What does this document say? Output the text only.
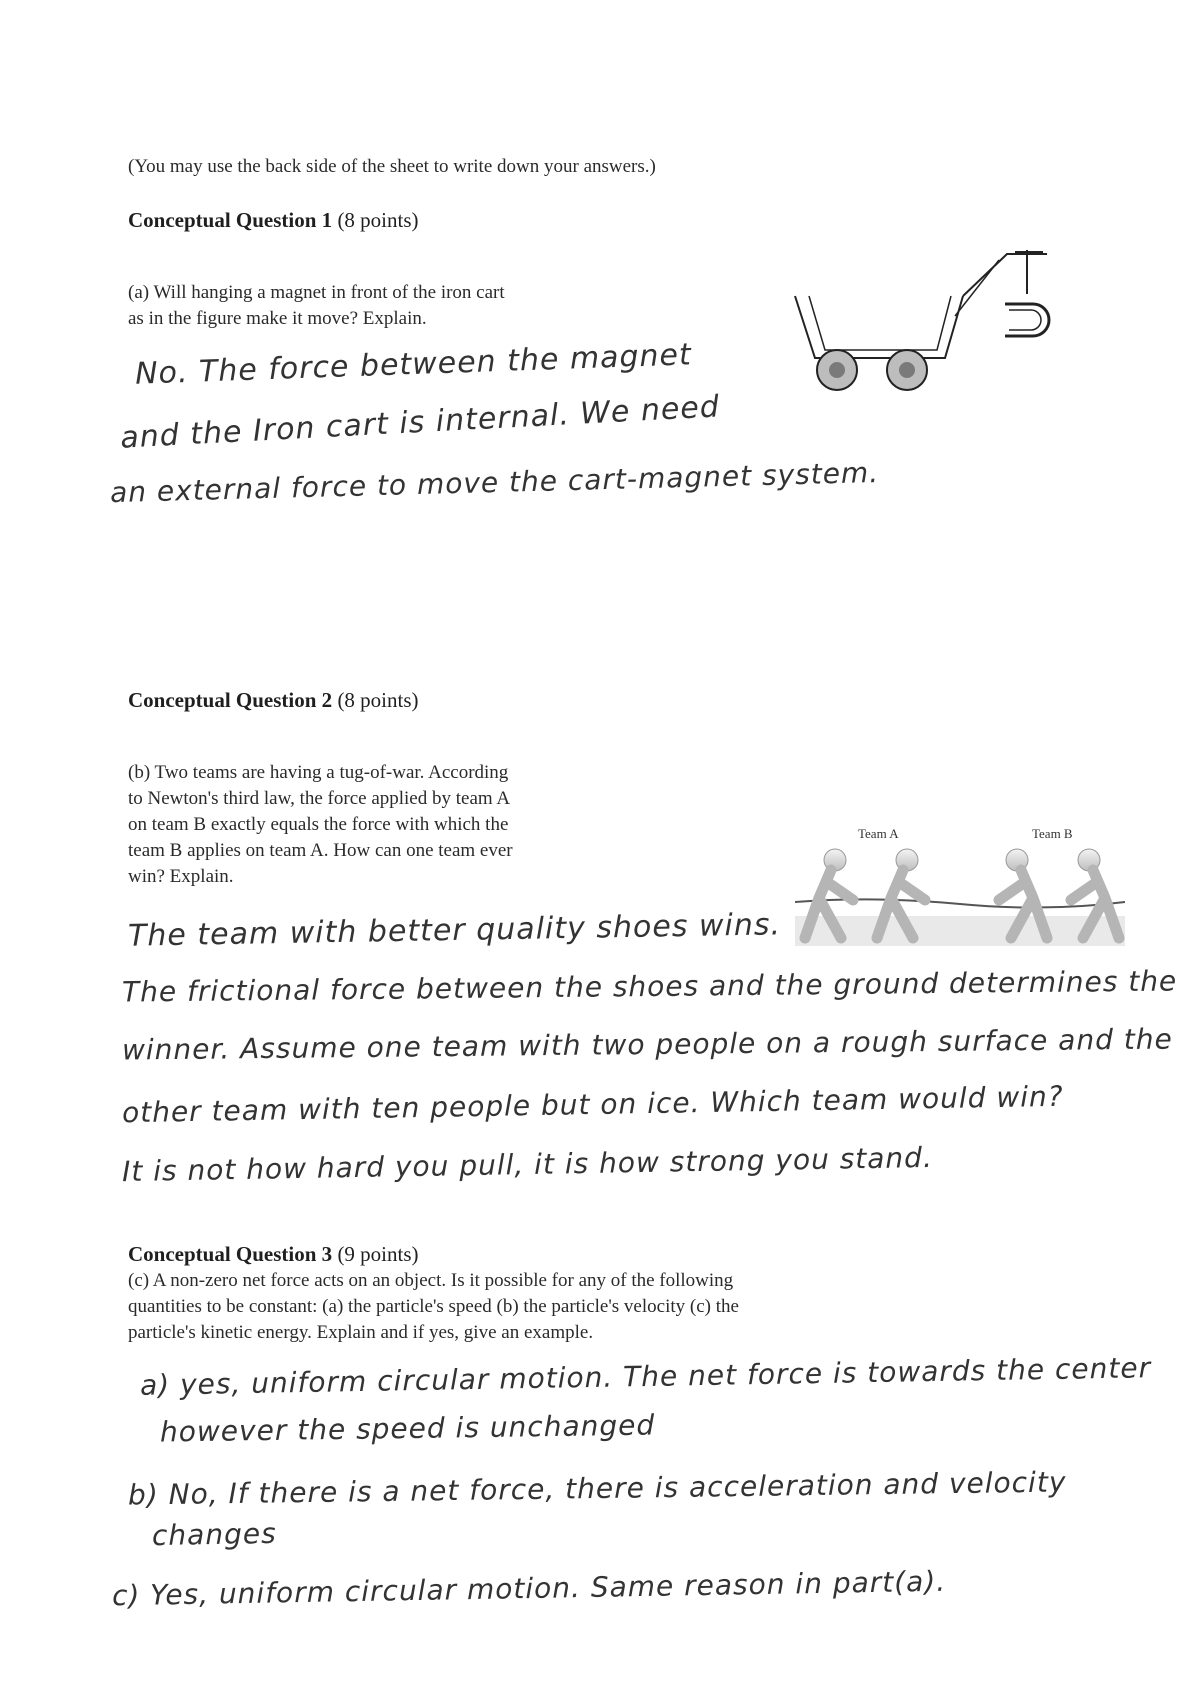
(You may use the back side of the sheet to write down your answers.)
Conceptual Question 1 (8 points)
(a) Will hanging a magnet in front of the iron cart
as in the figure make it move? Explain.
No. The force between the magnet
and the Iron cart is internal. We need
an external force to move the cart-magnet system.
Conceptual Question 2 (8 points)
(b) Two teams are having a tug-of-war. According
to Newton's third law, the force applied by team A
on team B exactly equals the force with which the
team B applies on team A. How can one team ever
win? Explain.
Team A	Team B
The team with better quality shoes wins.
The frictional force between the shoes and the ground determines the
winner. Assume one team with two people on a rough surface and the
other team with ten people but on ice. Which team would win?
It is not how hard you pull, it is how strong you stand.
Conceptual Question 3 (9 points)
(c) A non-zero net force acts on an object. Is it possible for any of the following
quantities to be constant: (a) the particle's speed (b) the particle's velocity (c) the
particle's kinetic energy. Explain and if yes, give an example.
a) yes, uniform circular motion. The net force is towards the center
however the speed is unchanged
b) No, If there is a net force, there is acceleration and velocity
changes
c) Yes, uniform circular motion. Same reason in part(a).
